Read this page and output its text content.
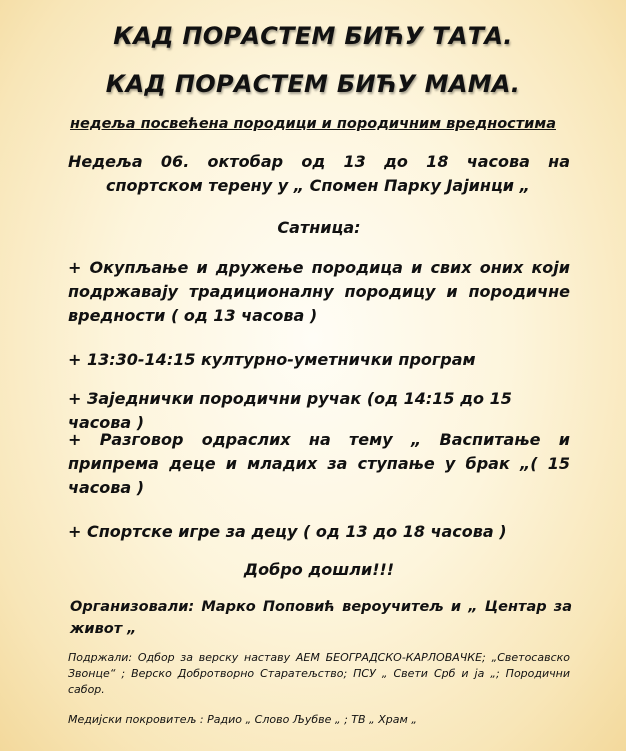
КАД ПОРАСТЕМ БИЋУ ТАТА.
КАД ПОРАСТЕМ БИЋУ МАМА.
недеља посвећена породици и породичним вредностима
Недеља 06. октобар од 13 до 18 часова на
спортском терену у „ Спомен Парку Јајинци „
Сатница:
+ Окупљање и дружење породица и свих оних који подржавају традиционалну породицу и породичне вредности ( од 13 часова )
+ 13:30-14:15 културно-уметнички програм
+ Заједнички породични ручак (од 14:15 до 15 часова )
+ Разговор одраслих на тему „ Васпитање и припрема деце и младих за ступање у брак „( 15 часова )
+ Спортске игре за децу ( од 13 до 18 часова )
Добро дошли!!!
Организовали: Марко Поповић вероучитељ и „ Центар за живот „
Подржали: Одбор за верску наставу АЕМ БЕОГРАДСКО-КАРЛОВАЧКЕ; „Светосавско Звонце“ ; Верско Добротворно Старатељство; ПСУ „ Свети Срб и ја „; Породични сабор.
Медијски покровитељ : Радио „ Слово Љубве „ ; ТВ „ Храм „
